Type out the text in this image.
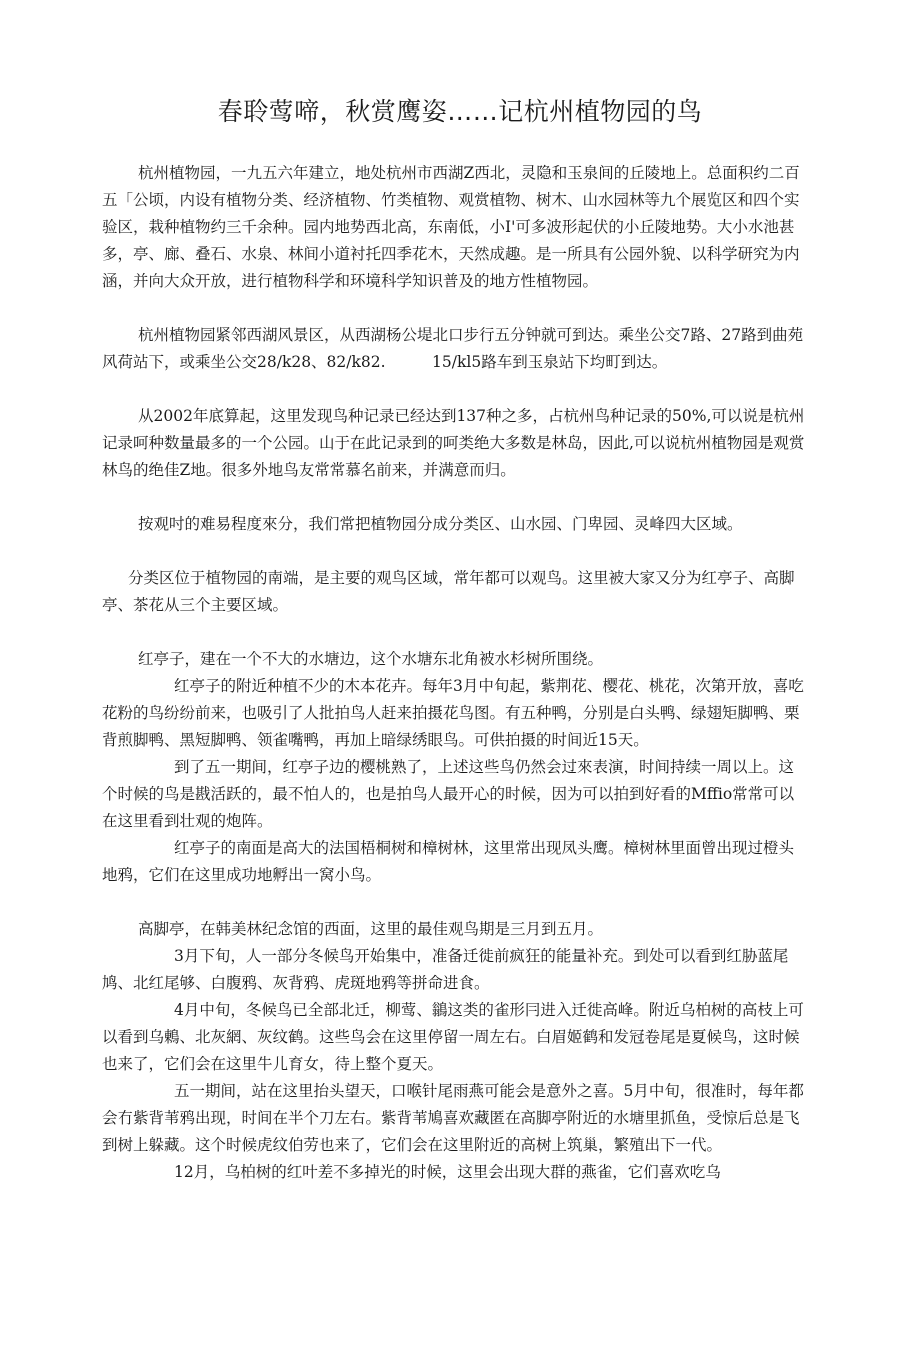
春聆莺啼，秋赏鹰姿……记杭州植物园的鸟

杭州植物园，一九五六年建立，地处杭州市西湖Z西北，灵隐和玉泉间的丘陵地上。总面积约二百五「公顷，内设有植物分类、经济植物、竹类植物、观赏植物、树木、山水园林等九个展览区和四个实验区，栽种植物约三千余种。园内地势西北高，东南低，小I'可多波形起伏的小丘陵地势。大小水池甚多，亭、廊、叠石、水泉、林间小道衬托四季花木，天然成趣。是一所具有公园外貌、以科学研究为内涵，并向大众开放，进行植物科学和环境科学知识普及的地方性植物园。

杭州植物园紧邻西湖风景区，从西湖杨公堤北口步行五分钟就可到达。乘坐公交7路、27路到曲苑风荷站下，或乘坐公交28/k28、82/k82.　　　15/kl5路车到玉泉站下均町到达。

从2002年底算起，这里发现鸟种记录已经达到137种之多，占杭州鸟种记录的50%,可以说是杭州记录呵种数量最多的一个公园。山于在此记录到的呵类绝大多数是林岛，因此,可以说杭州植物园是观赏林鸟的绝佳Z地。很多外地鸟友常常慕名前来，并满意而归。

按观吋的难易程度來分，我们常把植物园分成分类区、山水园、门卑园、灵峰四大区域。

分类区位于植物园的南端，是主要的观鸟区域，常年都可以观鸟。这里被大家又分为红亭子、高脚亭、茶花从三个主要区域。

红亭子，建在一个不大的水塘边，这个水塘东北角被水杉树所围绕。

红亭子的附近种植不少的木本花卉。每年3月中旬起，紫荆花、樱花、桃花，次第开放，喜吃花粉的鸟纷纷前来，也吸引了人批拍鸟人赶来拍摄花鸟图。有五种鸭，分别是白头鸭、绿翅矩脚鸭、栗背煎脚鸭、黑短脚鸭、领雀嘴鸭，再加上暗绿绣眼鸟。可供拍摄的时间近15天。

到了五一期间，红亭子边的樱桃熟了，上述这些鸟仍然会过來表演，时间持续一周以上。这个时候的鸟是戡活跃的，最不怕人的，也是拍鸟人最开心的时候，因为可以拍到好看的Mffio常常可以在这里看到壮观的炮阵。

红亭子的南面是高大的法国梧桐树和樟树林，这里常出现凤头鹰。樟树林里面曾出现过橙头地鸦，它们在这里成功地孵出一窝小鸟。

高脚亭，在韩美林纪念馆的西面，这里的最佳观鸟期是三月到五月。

3月下旬，人一部分冬候鸟开始集中，准备迁徙前疯狂的能量补充。到处可以看到红胁蓝尾鸠、北红尾够、白腹鸦、灰背鸦、虎斑地鸦等拼命进食。

4月中旬，冬候鸟已全部北迁，柳莺、鶲这类的雀形冃进入迁徙高峰。附近乌柏树的高枝上可以看到乌鶇、北灰網、灰纹鹤。这些鸟会在这里停留一周左右。白眉姬鹤和发冠卷尾是夏候鸟，这时候也来了，它们会在这里牛儿育女，待上整个夏天。

五一期间，站在这里抬头望天，口喉针尾雨燕可能会是意外之喜。5月中旬，很准时，每年都会冇紫背苇鸦出现，时间在半个刀左右。紫背苇鳩喜欢藏匿在高脚亭附近的水塘里抓鱼，受惊后总是飞到树上躲藏。这个时候虎纹伯劳也来了，它们会在这里附近的高树上筑巢，繁殖出下一代。

12月，乌柏树的红叶差不多掉光的时候，这里会出现大群的燕雀，它们喜欢吃乌
